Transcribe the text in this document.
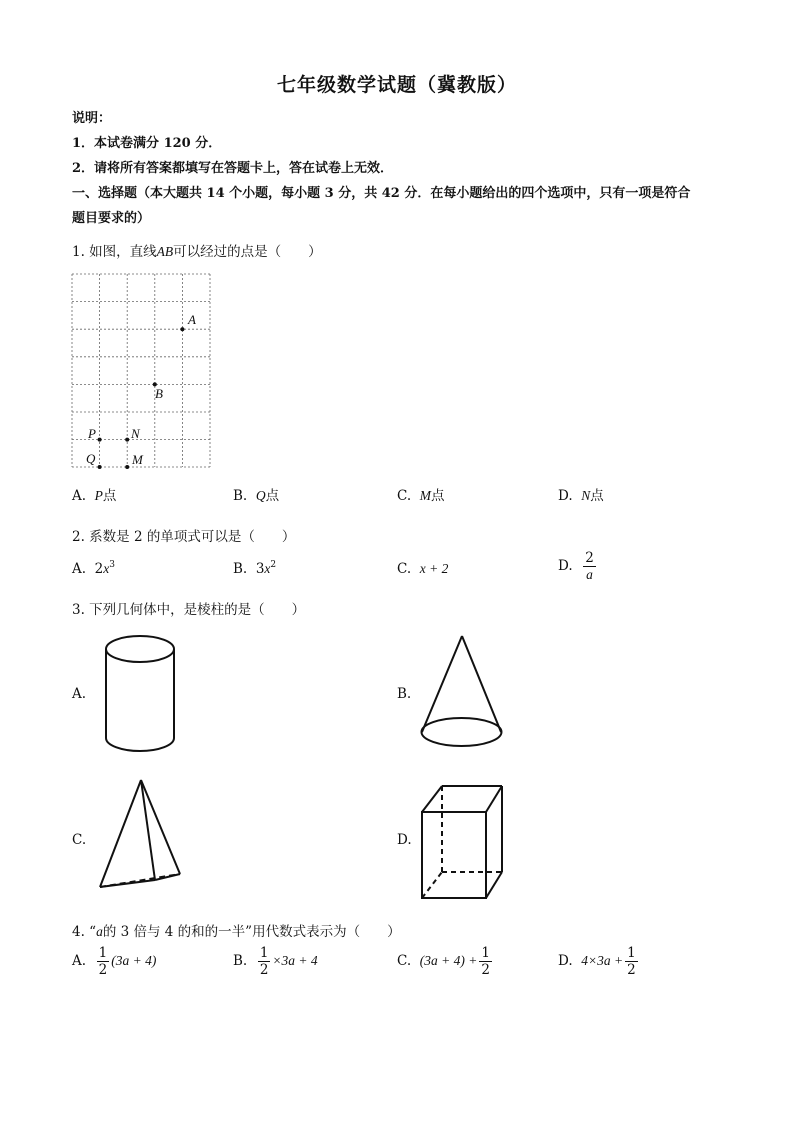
七年级数学试题（冀教版）
说明：
1．本试卷满分 120 分．
2．请将所有答案都填写在答题卡上，答在试卷上无效．
一、选择题（本大题共 14 个小题，每小题 3 分，共 42 分．在每小题给出的四个选项中，只有一项是符合
题目要求的）
1. 如图，直线AB可以经过的点是（　　）
A
B
P	N
Q	M
A. P点	B. Q点	C. M点	D. N点
2. 系数是 2 的单项式可以是（　　）
A. $2x^3$	B. $3x^2$	C. x + 2	D. $\frac{2}{a}$
3. 下列几何体中，是棱柱的是（　　）
A.	B.
C.	D.
4. “a的 3 倍与 4 的和的一半”用代数式表示为（　　）
A. $\frac{1}{2} (3a + 4)$	B. $\frac{1}{2} \times 3a + 4$	C. $(3a + 4) + \frac{1}{2}$	D. $4\times 3a + \frac{1}{2}$
